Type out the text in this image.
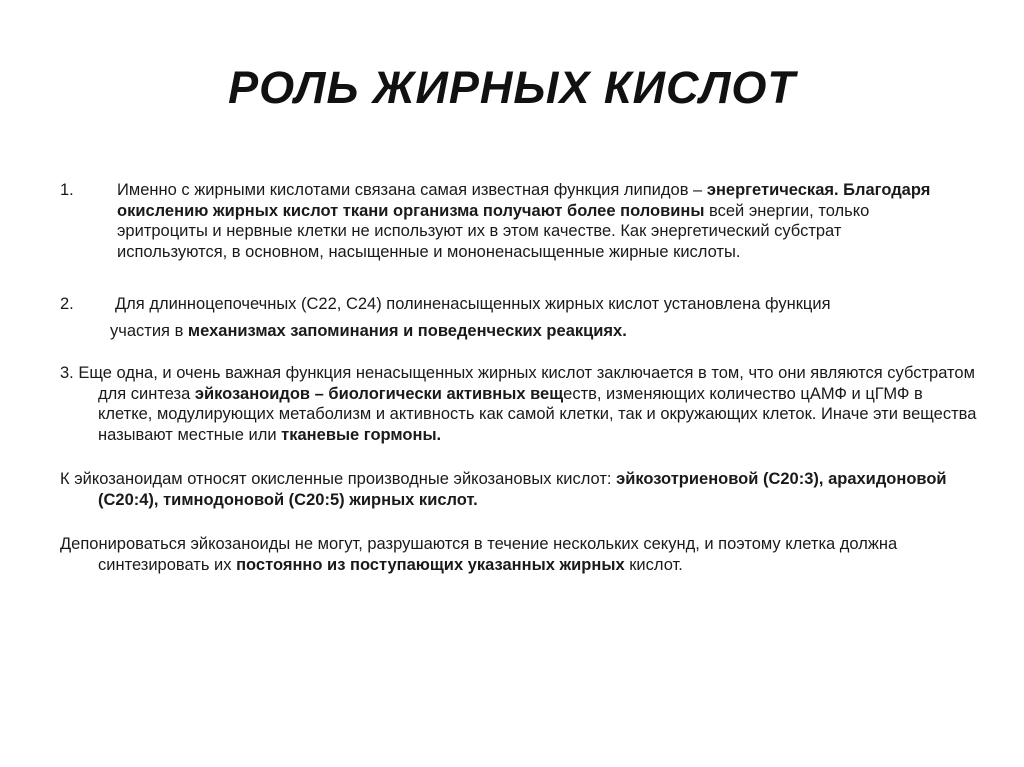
РОЛЬ ЖИРНЫХ КИСЛОТ
1.	Именно с жирными кислотами связана самая известная функция липидов – энергетическая. Благодаря окислению жирных кислот ткани организма получают более половины всей энергии, только эритроциты и нервные клетки не используют их в этом качестве. Как энергетический субстрат используются, в основном, насыщенные и мононенасыщенные жирные кислоты.
2. Для длинноцепочечных (С22, С24) полиненасыщенных жирных кислот установлена функция
участия в механизмах запоминания и поведенческих реакциях.

3. Еще одна, и очень важная функция ненасыщенных жирных кислот заключается в том, что они являются субстратом для синтеза эйкозаноидов – биологически активных веществ, изменяющих количество цАМФ и цГМФ в клетке, модулирующих метаболизм и активность как самой клетки, так и окружающих клеток. Иначе эти вещества называют местные или тканевые гормоны.

К эйкозаноидам относят окисленные производные эйкозановых кислот: эйкозотриеновой (С20:3), арахидоновой (С20:4), тимнодоновой (С20:5) жирных кислот.

Депонироваться эйкозаноиды не могут, разрушаются в течение нескольких секунд, и поэтому клетка должна синтезировать их постоянно из поступающих указанных жирных кислот.
